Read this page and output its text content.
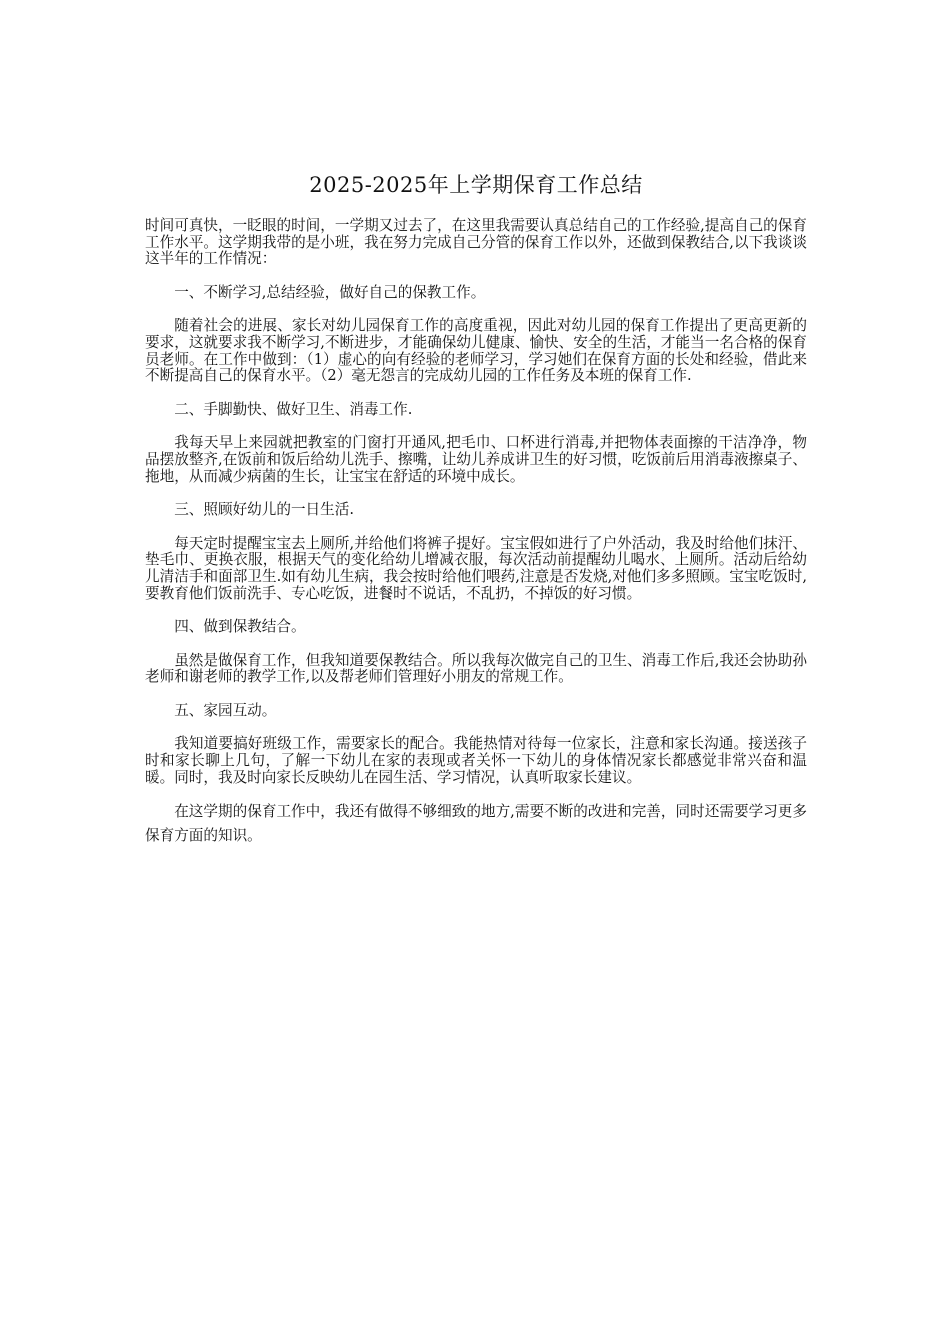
2025-2025年上学期保育工作总结

时间可真快，一眨眼的时间，一学期又过去了，在这里我需要认真总结自己的工作经验,提高自己的保育工作水平。这学期我带的是小班，我在努力完成自己分管的保育工作以外，还做到保教结合,以下我谈谈这半年的工作情况：

一、不断学习,总结经验，做好自己的保教工作。

随着社会的进展、家长对幼儿园保育工作的高度重视，因此对幼儿园的保育工作提出了更高更新的要求，这就要求我不断学习,不断进步，才能确保幼儿健康、愉快、安全的生活，才能当一名合格的保育员老师。在工作中做到：（1）虚心的向有经验的老师学习，学习她们在保育方面的长处和经验，借此来不断提高自己的保育水平。（2）毫无怨言的完成幼儿园的工作任务及本班的保育工作.

二、手脚勤快、做好卫生、消毒工作.

我每天早上来园就把教室的门窗打开通风,把毛巾、口杯进行消毒,并把物体表面擦的干洁净净，物品摆放整齐,在饭前和饭后给幼儿洗手、擦嘴，让幼儿养成讲卫生的好习惯，吃饭前后用消毒液擦桌子、拖地，从而减少病菌的生长，让宝宝在舒适的环境中成长。

三、照顾好幼儿的一日生活.

每天定时提醒宝宝去上厕所,并给他们将裤子提好。宝宝假如进行了户外活动，我及时给他们抹汗、垫毛巾、更换衣服，根据天气的变化给幼儿增减衣服，每次活动前提醒幼儿喝水、上厕所。活动后给幼儿清洁手和面部卫生.如有幼儿生病，我会按时给他们喂药,注意是否发烧,对他们多多照顾。宝宝吃饭时,要教育他们饭前洗手、专心吃饭，进餐时不说话，不乱扔，不掉饭的好习惯。

四、做到保教结合。

虽然是做保育工作，但我知道要保教结合。所以我每次做完自己的卫生、消毒工作后,我还会协助孙老师和谢老师的教学工作,以及帮老师们管理好小朋友的常规工作。

五、家园互动。

我知道要搞好班级工作，需要家长的配合。我能热情对待每一位家长，注意和家长沟通。接送孩子时和家长聊上几句，了解一下幼儿在家的表现或者关怀一下幼儿的身体情况家长都感觉非常兴奋和温暖。同时，我及时向家长反映幼儿在园生活、学习情况，认真听取家长建议。

在这学期的保育工作中，我还有做得不够细致的地方,需要不断的改进和完善，同时还需要学习更多保育方面的知识。
